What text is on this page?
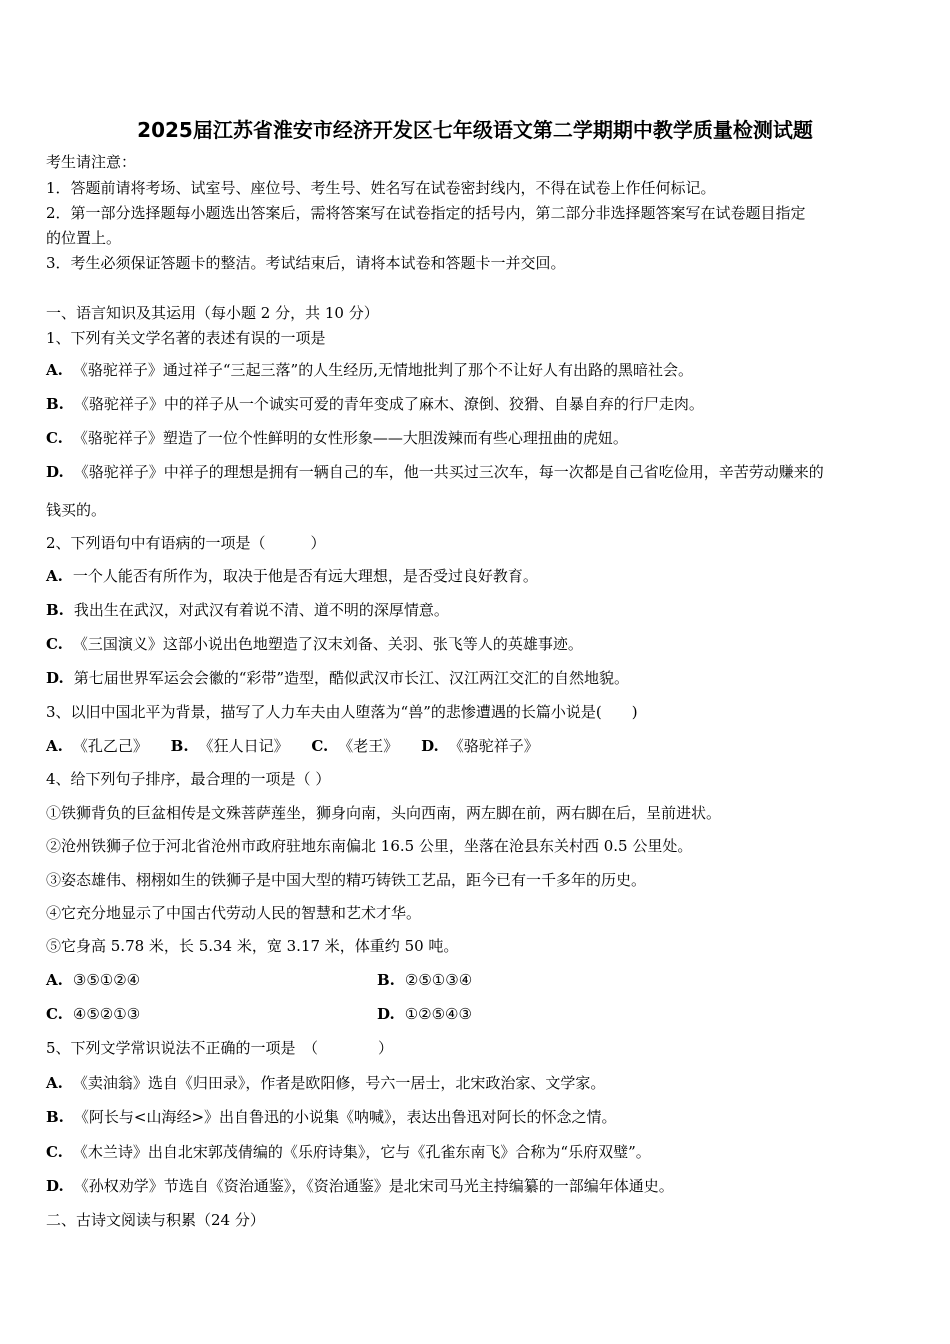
2025届江苏省淮安市经济开发区七年级语文第二学期期中教学质量检测试题
考生请注意：
1．答题前请将考场、试室号、座位号、考生号、姓名写在试卷密封线内，不得在试卷上作任何标记。
2．第一部分选择题每小题选出答案后，需将答案写在试卷指定的括号内，第二部分非选择题答案写在试卷题目指定
的位置上。
3．考生必须保证答题卡的整洁。考试结束后，请将本试卷和答题卡一并交回。
一、语言知识及其运用（每小题 2 分，共 10 分）
1、下列有关文学名著的表述有误的一项是
A. 《骆驼祥子》通过祥子“三起三落”的人生经历,无情地批判了那个不让好人有出路的黑暗社会。
B. 《骆驼祥子》中的祥子从一个诚实可爱的青年变成了麻木、潦倒、狡猾、自暴自弃的行尸走肉。
C. 《骆驼祥子》塑造了一位个性鲜明的女性形象——大胆泼辣而有些心理扭曲的虎妞。
D. 《骆驼祥子》中祥子的理想是拥有一辆自己的车，他一共买过三次车，每一次都是自己省吃俭用，辛苦劳动赚来的
钱买的。
2、下列语句中有语病的一项是（　　　）
A. 一个人能否有所作为，取决于他是否有远大理想，是否受过良好教育。
B. 我出生在武汉，对武汉有着说不清、道不明的深厚情意。
C. 《三国演义》这部小说出色地塑造了汉末刘备、关羽、张飞等人的英雄事迹。
D. 第七届世界军运会会徽的“彩带”造型，酷似武汉市长江、汉江两江交汇的自然地貌。
3、以旧中国北平为背景，描写了人力车夫由人堕落为“兽”的悲惨遭遇的长篇小说是(　　)
A. 《孔乙己》 B. 《狂人日记》 C. 《老王》 D. 《骆驼祥子》
4、给下列句子排序，最合理的一项是（ ）
①铁狮背负的巨盆相传是文殊菩萨莲坐，狮身向南，头向西南，两左脚在前，两右脚在后，呈前进状。
②沧州铁狮子位于河北省沧州市政府驻地东南偏北 16.5 公里，坐落在沧县东关村西 0.5 公里处。
③姿态雄伟、栩栩如生的铁狮子是中国大型的精巧铸铁工艺品，距今已有一千多年的历史。
④它充分地显示了中国古代劳动人民的智慧和艺术才华。
⑤它身高 5.78 米，长 5.34 米，宽 3.17 米，体重约 50 吨。
A. ③⑤①②④	B. ②⑤①③④
C. ④⑤②①③	D. ①②⑤④③
5、下列文学常识说法不正确的一项是　（　　　　）
A. 《卖油翁》选自《归田录》，作者是欧阳修，号六一居士，北宋政治家、文学家。
B. 《阿长与<山海经>》出自鲁迅的小说集《呐喊》，表达出鲁迅对阿长的怀念之情。
C. 《木兰诗》出自北宋郭茂倩编的《乐府诗集》，它与《孔雀东南飞》合称为“乐府双璧”。
D. 《孙权劝学》节选自《资治通鉴》，《资治通鉴》是北宋司马光主持编纂的一部编年体通史。
二、古诗文阅读与积累（24 分）
